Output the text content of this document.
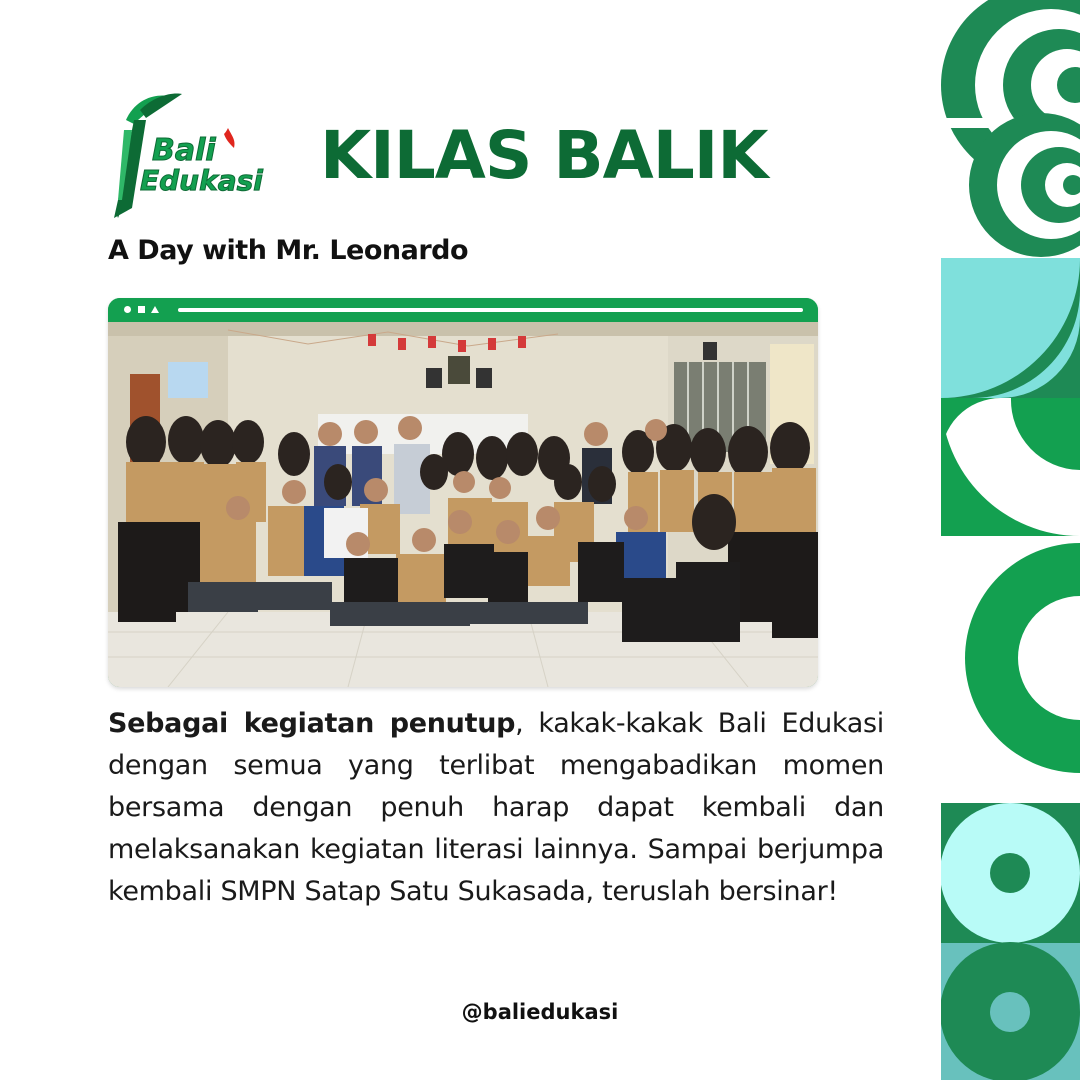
Bali
Edukasi KILAS BALIK
A Day with Mr. Leonardo
Sebagai kegiatan penutup, kakak-kakak Bali Edukasi dengan semua yang terlibat mengabadikan momen bersama dengan penuh harap dapat kembali dan melaksanakan kegiatan literasi lainnya. Sampai berjumpa kembali SMPN Satap Satu Sukasada, teruslah bersinar!
@baliedukasi
